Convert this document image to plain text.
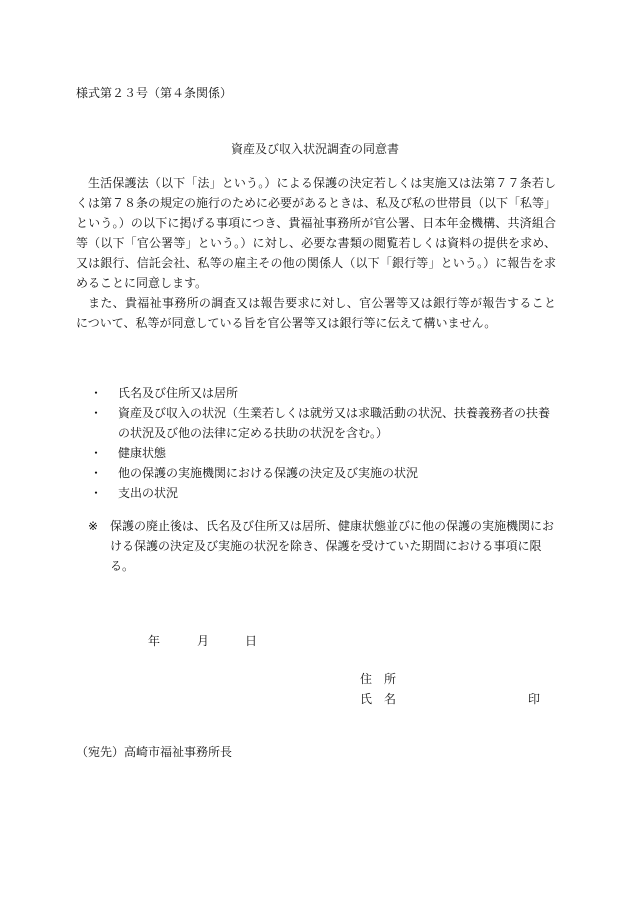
様式第２３号（第４条関係）
資産及び収入状況調査の同意書

生活保護法（以下「法」という。）による保護の決定若しくは実施又は法第７７条若しくは第７８条の規定の施行のために必要があるときは、私及び私の世帯員（以下「私等」という。）の以下に掲げる事項につき、貴福祉事務所が官公署、日本年金機構、共済組合等（以下「官公署等」という。）に対し、必要な書類の閲覧若しくは資料の提供を求め、又は銀行、信託会社、私等の雇主その他の関係人（以下「銀行等」という。）に報告を求めることに同意します。

また、貴福祉事務所の調査又は報告要求に対し、官公署等又は銀行等が報告することについて、私等が同意している旨を官公署等又は銀行等に伝えて構いません。

・	氏名及び住所又は居所
・	資産及び収入の状況（生業若しくは就労又は求職活動の状況、扶養義務者の扶養の状況及び他の法律に定める扶助の状況を含む。）
・	健康状態
・	他の保護の実施機関における保護の決定及び実施の状況
・	支出の状況
※ 保護の廃止後は、氏名及び住所又は居所、健康状態並びに他の保護の実施機関における保護の決定及び実施の状況を除き、保護を受けていた期間における事項に限る。
年	月	日
住　所
氏　名	印
（宛先）高崎市福祉事務所長
